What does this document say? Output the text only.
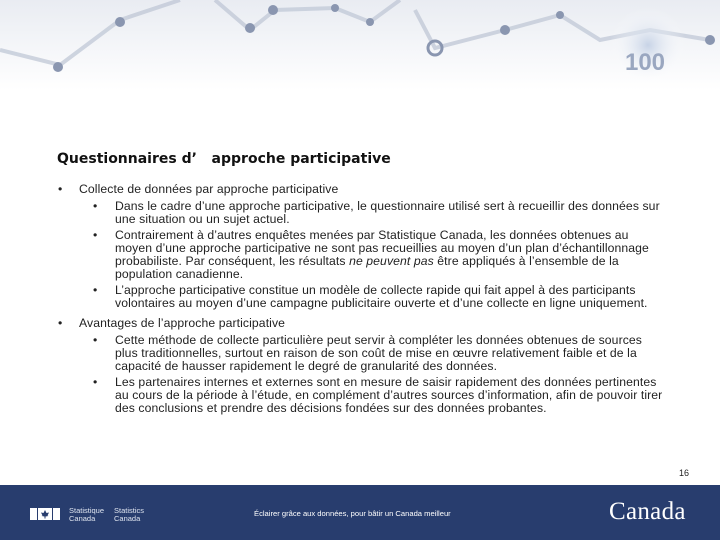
100
Questionnaires d’   approche participative
• Collecte de données par approche participative
• Dans le cadre d’une approche participative, le questionnaire utilisé sert à recueillir des données sur une situation ou un sujet actuel.
• Contrairement à d’autres enquêtes menées par Statistique Canada, les données obtenues au moyen d’une approche participative ne sont pas recueillies au moyen d’un plan d’échantillonnage probabiliste. Par conséquent, les résultats ne peuvent pas être appliqués à l’ensemble de la population canadienne.
• L’approche participative constitue un modèle de collecte rapide qui fait appel à des participants volontaires au moyen d’une campagne publicitaire ouverte et d’une collecte en ligne uniquement.
• Avantages de l’approche participative
• Cette méthode de collecte particulière peut servir à compléter les données obtenues de sources plus traditionnelles, surtout en raison de son coût de mise en œuvre relativement faible et de la capacité de hausser rapidement le degré de granularité des données.
• Les partenaires internes et externes sont en mesure de saisir rapidement des données pertinentes au cours de la période à l’étude, en complément d’autres sources d’information, afin de pouvoir tirer des conclusions et prendre des décisions fondées sur des données probantes.
16
Statistique
Canada
Statistics
Canada
Éclairer grâce aux données, pour bâtir un Canada meilleur	Canada
